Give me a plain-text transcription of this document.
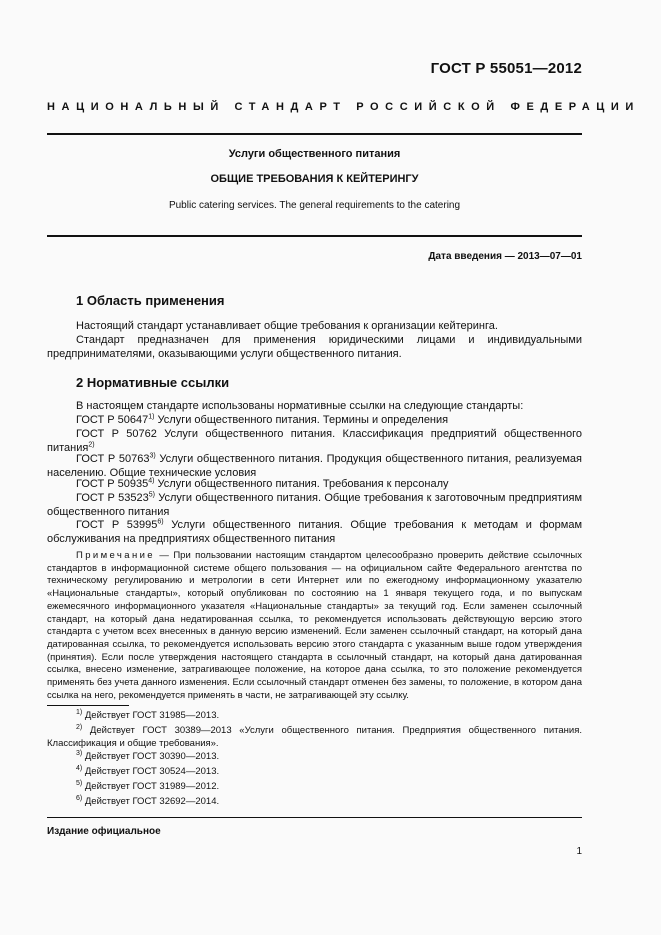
ГОСТ Р 55051—2012
НАЦИОНАЛЬНЫЙ СТАНДАРТ РОССИЙСКОЙ ФЕДЕРАЦИИ
Услуги общественного питания
ОБЩИЕ ТРЕБОВАНИЯ К КЕЙТЕРИНГУ
Public catering services. The general requirements to the catering
Дата введения — 2013—07—01
1 Область применения
Настоящий стандарт устанавливает общие требования к организации кейтеринга.
Стандарт предназначен для применения юридическими лицами и индивидуальными предпринимателями, оказывающими услуги общественного питания.
2 Нормативные ссылки
В настоящем стандарте использованы нормативные ссылки на следующие стандарты:
ГОСТ Р 50647$^{1)}$ Услуги общественного питания. Термины и определения
ГОСТ Р 50762 Услуги общественного питания. Классификация предприятий общественного питания$^{2)}$
ГОСТ Р 50763$^{3)}$ Услуги общественного питания. Продукция общественного питания, реализуемая населению. Общие технические условия
ГОСТ Р 50935$^{4)}$ Услуги общественного питания. Требования к персоналу
ГОСТ Р 53523$^{5)}$ Услуги общественного питания. Общие требования к заготовочным предприятиям общественного питания
ГОСТ Р 53995$^{6)}$ Услуги общественного питания. Общие требования к методам и формам обслуживания на предприятиях общественного питания
Примечание — При пользовании настоящим стандартом целесообразно проверить действие ссылочных стандартов в информационной системе общего пользования — на официальном сайте Федерального агентства по техническому регулированию и метрологии в сети Интернет или по ежегодному информационному указателю «Национальные стандарты», который опубликован по состоянию на 1 января текущего года, и по выпускам ежемесячного информационного указателя «Национальные стандарты» за текущий год. Если заменен ссылочный стандарт, на который дана недатированная ссылка, то рекомендуется использовать действующую версию этого стандарта с учетом всех внесенных в данную версию изменений. Если заменен ссылочный стандарт, на который дана датированная ссылка, то рекомендуется использовать версию этого стандарта с указанным выше годом утверждения (принятия). Если после утверждения настоящего стандарта в ссылочный стандарт, на который дана датированная ссылка, внесено изменение, затрагивающее положение, на которое дана ссылка, то это положение рекомендуется применять без учета данного изменения. Если ссылочный стандарт отменен без замены, то положение, в котором дана ссылка на него, рекомендуется применять в части, не затрагивающей эту ссылку.
$^{1)}$ Действует ГОСТ 31985—2013.
$^{2)}$ Действует ГОСТ 30389—2013 «Услуги общественного питания. Предприятия общественного питания. Классификация и общие требования».
$^{3)}$ Действует ГОСТ 30390—2013.
$^{4)}$ Действует ГОСТ 30524—2013.
$^{5)}$ Действует ГОСТ 31989—2012.
$^{6)}$ Действует ГОСТ 32692—2014.
Издание официальное
1
